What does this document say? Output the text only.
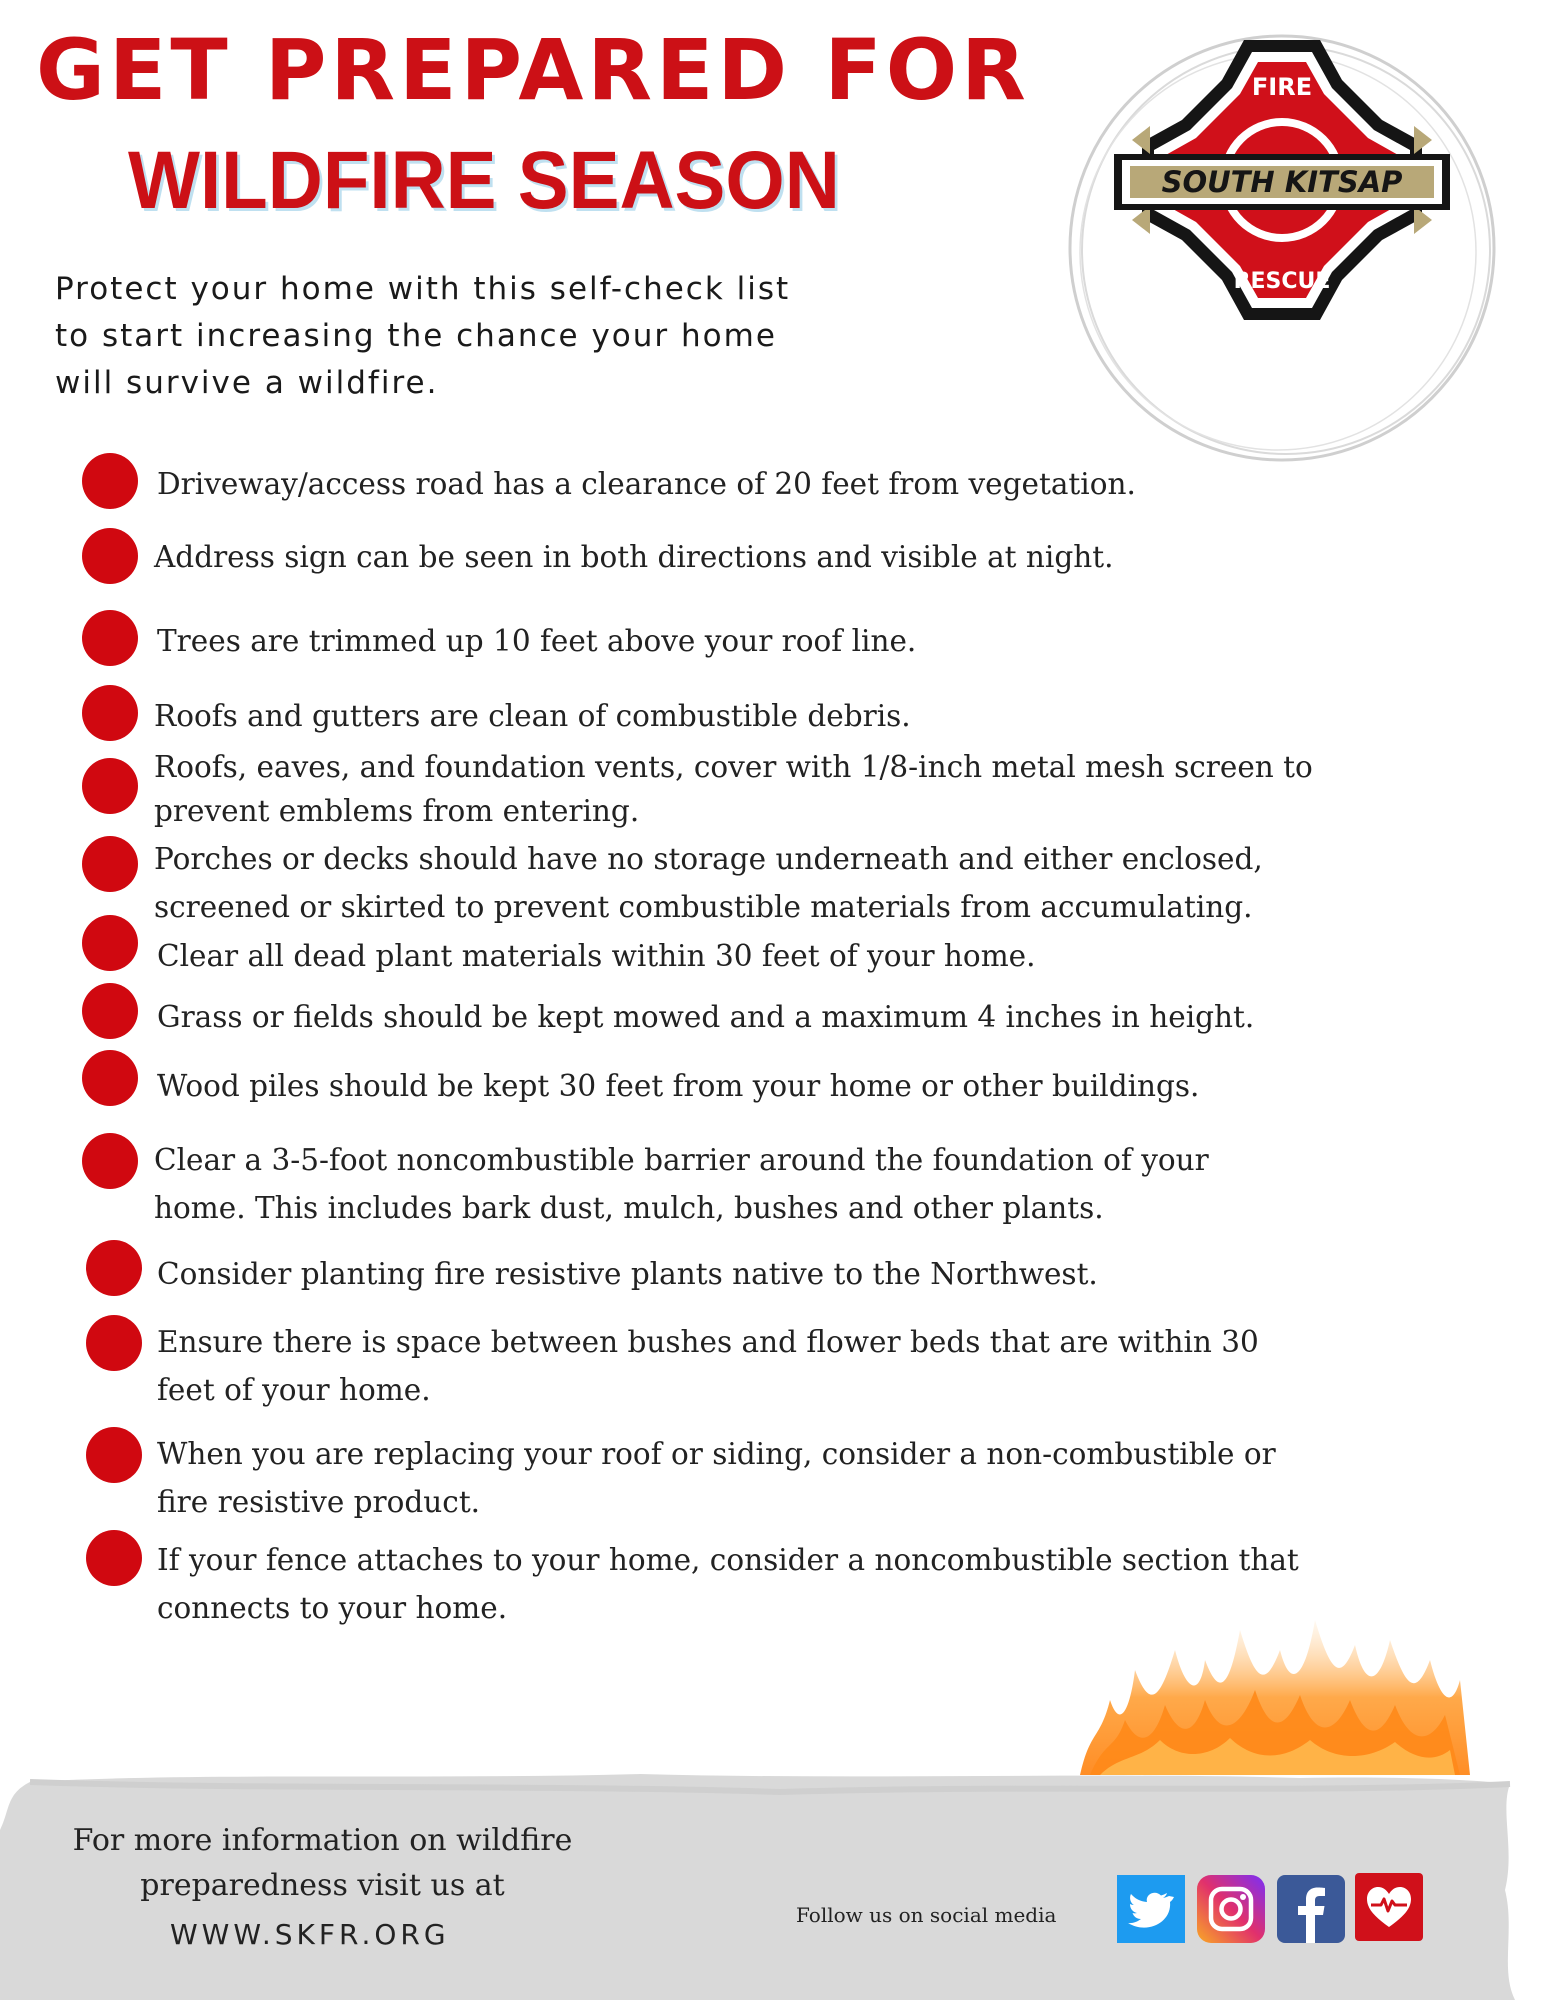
GET PREPARED FOR
WILDFIRE SEASON

Protect your home with this self-check list
to start increasing the chance your home
will survive a wildfire.

FIRE
SOUTH KITSAP
RESCUE

Driveway/access road has a clearance of 20 feet from vegetation.

Address sign can be seen in both directions and visible at night.

Trees are trimmed up 10 feet above your roof line.

Roofs and gutters are clean of combustible debris.

Roofs, eaves, and foundation vents, cover with 1/8-inch metal mesh screen to
prevent emblems from entering.

Porches or decks should have no storage underneath and either enclosed,
screened or skirted to prevent combustible materials from accumulating.

Clear all dead plant materials within 30 feet of your home.

Grass or fields should be kept mowed and a maximum 4 inches in height.

Wood piles should be kept 30 feet from your home or other buildings.

Clear a 3-5-foot noncombustible barrier around the foundation of your
home. This includes bark dust, mulch, bushes and other plants.

Consider planting fire resistive plants native to the Northwest.

Ensure there is space between bushes and flower beds that are within 30
feet of your home.

When you are replacing your roof or siding, consider a non-combustible or
fire resistive product.

If your fence attaches to your home, consider a noncombustible section that
connects to your home.

For more information on wildfire
preparedness visit us at

WWW.SKFR.ORG

Follow us on social media
